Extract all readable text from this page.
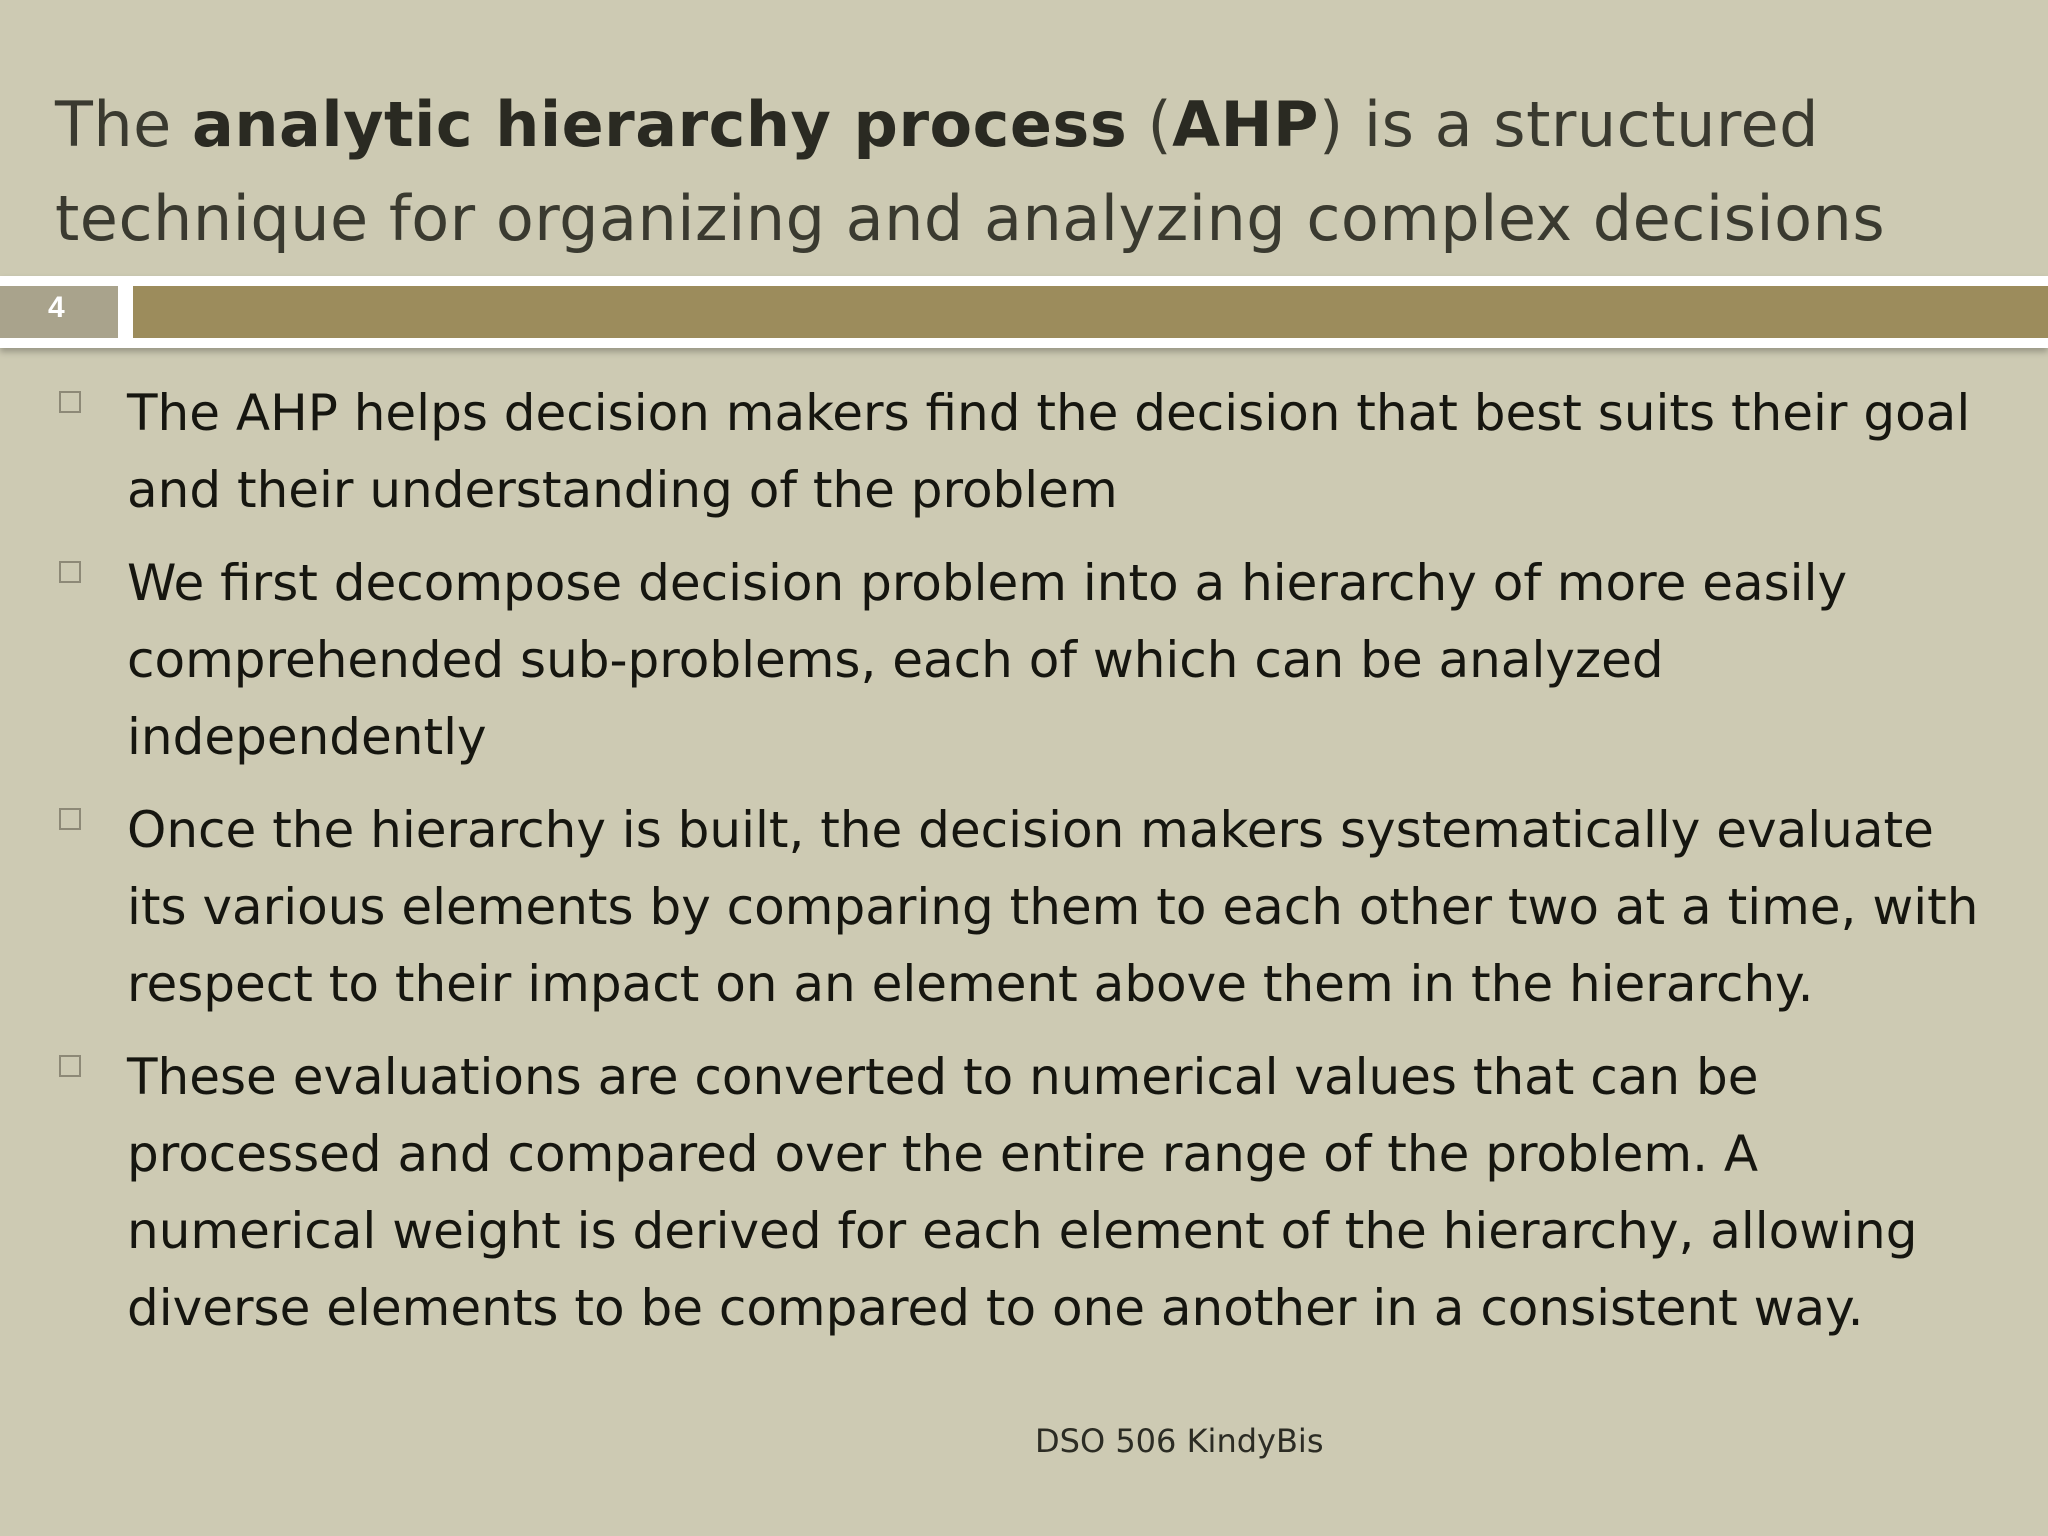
The analytic hierarchy process (AHP) is a structured
technique for organizing and analyzing complex decisions
4
The AHP helps decision makers find the decision that best suits their goal
and their understanding of the problem
We first decompose decision problem into a hierarchy of more easily
comprehended sub-problems, each of which can be analyzed
independently
Once the hierarchy is built, the decision makers systematically evaluate
its various elements by comparing them to each other two at a time, with
respect to their impact on an element above them in the hierarchy.
These evaluations are converted to numerical values that can be
processed and compared over the entire range of the problem. A
numerical weight is derived for each element of the hierarchy, allowing
diverse elements to be compared to one another in a consistent way.
DSO 506 KindyBis
